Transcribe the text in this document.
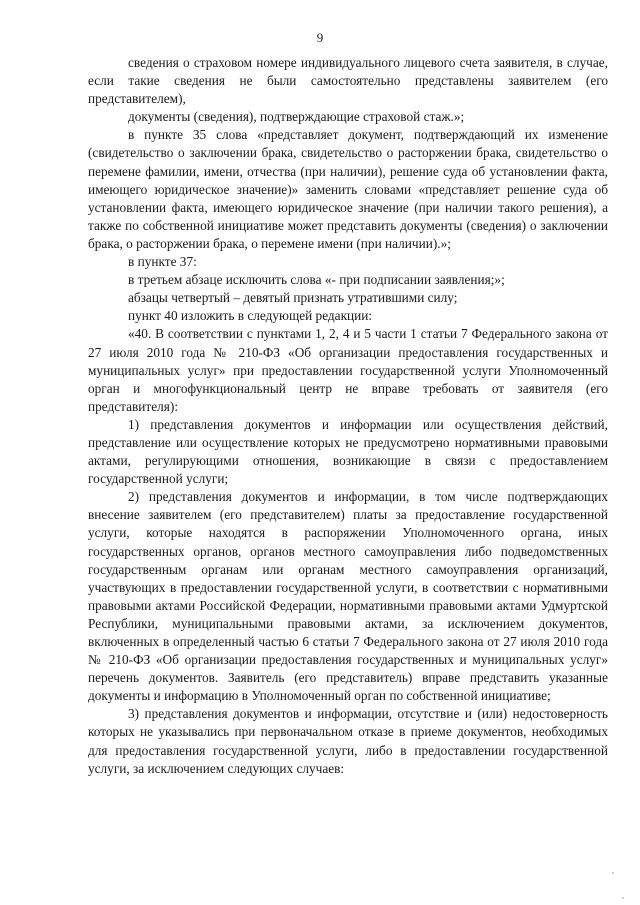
9

сведения о страховом номере индивидуального лицевого счета заявителя, в случае, если такие сведения не были самостоятельно представлены заявителем (его представителем),

документы (сведения), подтверждающие страховой стаж.»;

в пункте 35 слова «представляет документ, подтверждающий их изменение (свидетельство о заключении брака, свидетельство о расторжении брака, свидетельство о перемене фамилии, имени, отчества (при наличии), решение суда об установлении факта, имеющего юридическое значение)» заменить словами «представляет решение суда об установлении факта, имеющего юридическое значение (при наличии такого решения), а также по собственной инициативе может представить документы (сведения) о заключении брака, о расторжении брака, о перемене имени (при наличии).»;

в пункте 37:

в третьем абзаце исключить слова «- при подписании заявления;»;

абзацы четвертый – девятый признать утратившими силу;

пункт 40 изложить в следующей редакции:

«40. В соответствии с пунктами 1, 2, 4 и 5 части 1 статьи 7 Федерального закона от 27 июля 2010 года № 210-ФЗ «Об организации предоставления государственных и муниципальных услуг» при предоставлении государственной услуги Уполномоченный орган и многофункциональный центр не вправе требовать от заявителя (его представителя):

1) представления документов и информации или осуществления действий, представление или осуществление которых не предусмотрено нормативными правовыми актами, регулирующими отношения, возникающие в связи с предоставлением государственной услуги;

2) представления документов и информации, в том числе подтверждающих внесение заявителем (его представителем) платы за предоставление государственной услуги, которые находятся в распоряжении Уполномоченного органа, иных государственных органов, органов местного самоуправления либо подведомственных государственным органам или органам местного самоуправления организаций, участвующих в предоставлении государственной услуги, в соответствии с нормативными правовыми актами Российской Федерации, нормативными правовыми актами Удмуртской Республики, муниципальными правовыми актами, за исключением документов, включенных в определенный частью 6 статьи 7 Федерального закона от 27 июля 2010 года № 210-ФЗ «Об организации предоставления государственных и муниципальных услуг» перечень документов. Заявитель (его представитель) вправе представить указанные документы и информацию в Уполномоченный орган по собственной инициативе;

3) представления документов и информации, отсутствие и (или) недостоверность которых не указывались при первоначальном отказе в приеме документов, необходимых для предоставления государственной услуги, либо в предоставлении государственной услуги, за исключением следующих случаев:
